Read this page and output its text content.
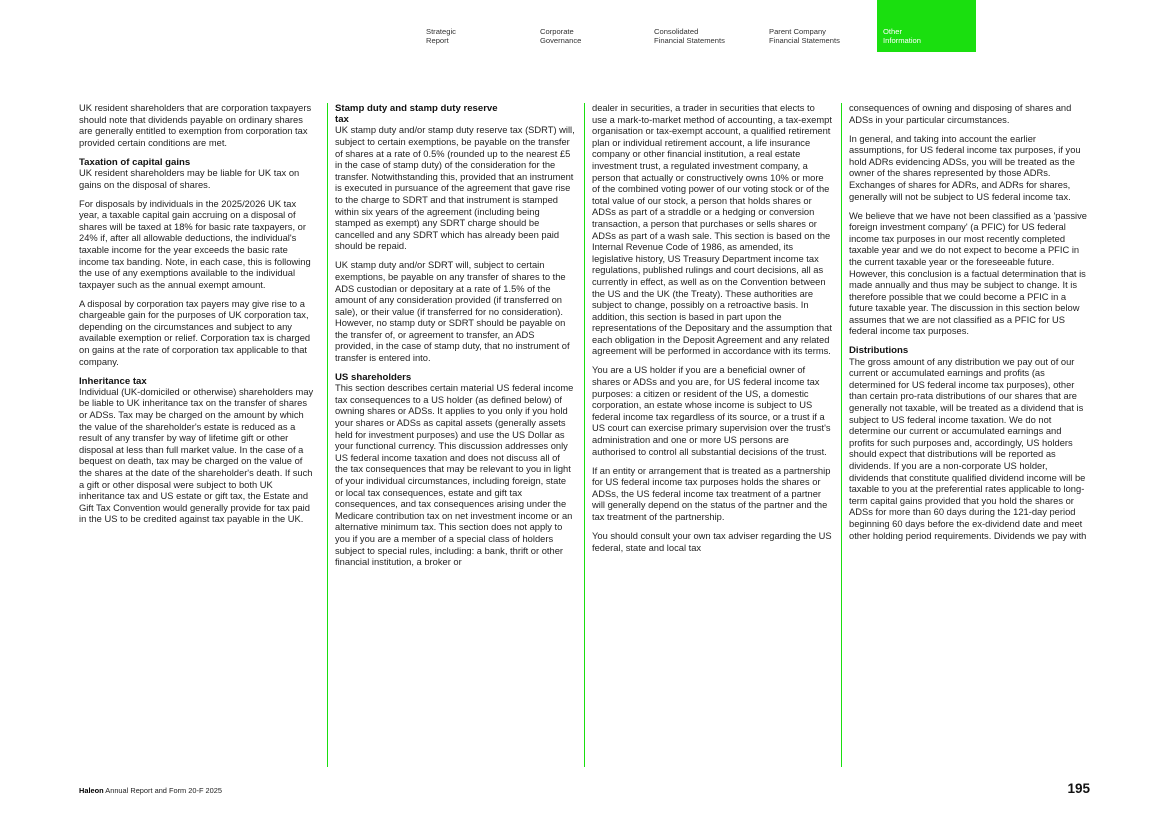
Strategic
Report
Corporate
Governance
Consolidated
Financial Statements
Parent Company
Financial Statements
Other
Information

UK resident shareholders that are corporation taxpayers should note that dividends payable on ordinary shares are generally entitled to exemption from corporation tax provided certain conditions are met.

Taxation of capital gains

UK resident shareholders may be liable for UK tax on gains on the disposal of shares.

For disposals by individuals in the 2025/2026 UK tax year, a taxable capital gain accruing on a disposal of shares will be taxed at 18% for basic rate taxpayers, or 24% if, after all allowable deductions, the individual's taxable income for the year exceeds the basic rate income tax banding. Note, in each case, this is following the use of any exemptions available to the individual taxpayer such as the annual exempt amount.

A disposal by corporation tax payers may give rise to a chargeable gain for the purposes of UK corporation tax, depending on the circumstances and subject to any available exemption or relief. Corporation tax is charged on gains at the rate of corporation tax applicable to that company.

Inheritance tax

Individual (UK-domiciled or otherwise) shareholders may be liable to UK inheritance tax on the transfer of shares or ADSs. Tax may be charged on the amount by which the value of the shareholder's estate is reduced as a result of any transfer by way of lifetime gift or other disposal at less than full market value. In the case of a bequest on death, tax may be charged on the value of the shares at the date of the shareholder's death. If such a gift or other disposal were subject to both UK inheritance tax and US estate or gift tax, the Estate and Gift Tax Convention would generally provide for tax paid in the US to be credited against tax payable in the UK.

Stamp duty and stamp duty reserve tax

UK stamp duty and/or stamp duty reserve tax (SDRT) will, subject to certain exemptions, be payable on the transfer of shares at a rate of 0.5% (rounded up to the nearest £5 in the case of stamp duty) of the consideration for the transfer. Notwithstanding this, provided that an instrument is executed in pursuance of the agreement that gave rise to the charge to SDRT and that instrument is stamped within six years of the agreement (including being stamped as exempt) any SDRT charge should be cancelled and any SDRT which has already been paid should be repaid.

UK stamp duty and/or SDRT will, subject to certain exemptions, be payable on any transfer of shares to the ADS custodian or depositary at a rate of 1.5% of the amount of any consideration provided (if transferred on sale), or their value (if transferred for no consideration). However, no stamp duty or SDRT should be payable on the transfer of, or agreement to transfer, an ADS provided, in the case of stamp duty, that no instrument of transfer is entered into.

US shareholders

This section describes certain material US federal income tax consequences to a US holder (as defined below) of owning shares or ADSs. It applies to you only if you hold your shares or ADSs as capital assets (generally assets held for investment purposes) and use the US Dollar as your functional currency. This discussion addresses only US federal income taxation and does not discuss all of the tax consequences that may be relevant to you in light of your individual circumstances, including foreign, state or local tax consequences, estate and gift tax consequences, and tax consequences arising under the Medicare contribution tax on net investment income or an alternative minimum tax. This section does not apply to you if you are a member of a special class of holders subject to special rules, including: a bank, thrift or other financial institution, a broker or

dealer in securities, a trader in securities that elects to use a mark-to-market method of accounting, a tax-exempt organisation or tax-exempt account, a qualified retirement plan or individual retirement account, a life insurance company or other financial institution, a real estate investment trust, a regulated investment company, a person that actually or constructively owns 10% or more of the combined voting power of our voting stock or of the total value of our stock, a person that holds shares or ADSs as part of a straddle or a hedging or conversion transaction, a person that purchases or sells shares or ADSs as part of a wash sale. This section is based on the Internal Revenue Code of 1986, as amended, its legislative history, US Treasury Department income tax regulations, published rulings and court decisions, all as currently in effect, as well as on the Convention between the US and the UK (the Treaty). These authorities are subject to change, possibly on a retroactive basis. In addition, this section is based in part upon the representations of the Depositary and the assumption that each obligation in the Deposit Agreement and any related agreement will be performed in accordance with its terms.

You are a US holder if you are a beneficial owner of shares or ADSs and you are, for US federal income tax purposes: a citizen or resident of the US, a domestic corporation, an estate whose income is subject to US federal income tax regardless of its source, or a trust if a US court can exercise primary supervision over the trust's administration and one or more US persons are authorised to control all substantial decisions of the trust.

If an entity or arrangement that is treated as a partnership for US federal income tax purposes holds the shares or ADSs, the US federal income tax treatment of a partner will generally depend on the status of the partner and the tax treatment of the partnership.

You should consult your own tax adviser regarding the US federal, state and local tax

consequences of owning and disposing of shares and ADSs in your particular circumstances.

In general, and taking into account the earlier assumptions, for US federal income tax purposes, if you hold ADRs evidencing ADSs, you will be treated as the owner of the shares represented by those ADRs. Exchanges of shares for ADRs, and ADRs for shares, generally will not be subject to US federal income tax.

We believe that we have not been classified as a 'passive foreign investment company' (a PFIC) for US federal income tax purposes in our most recently completed taxable year and we do not expect to become a PFIC in the current taxable year or the foreseeable future. However, this conclusion is a factual determination that is made annually and thus may be subject to change. It is therefore possible that we could become a PFIC in a future taxable year. The discussion in this section below assumes that we are not classified as a PFIC for US federal income tax purposes.

Distributions

The gross amount of any distribution we pay out of our current or accumulated earnings and profits (as determined for US federal income tax purposes), other than certain pro-rata distributions of our shares that are generally not taxable, will be treated as a dividend that is subject to US federal income taxation. We do not determine our current or accumulated earnings and profits for such purposes and, accordingly, US holders should expect that distributions will be reported as dividends. If you are a non-corporate US holder, dividends that constitute qualified dividend income will be taxable to you at the preferential rates applicable to long-term capital gains provided that you hold the shares or ADSs for more than 60 days during the 121-day period beginning 60 days before the ex-dividend date and meet other holding period requirements. Dividends we pay with

Haleon Annual Report and Form 20-F 2025	195
